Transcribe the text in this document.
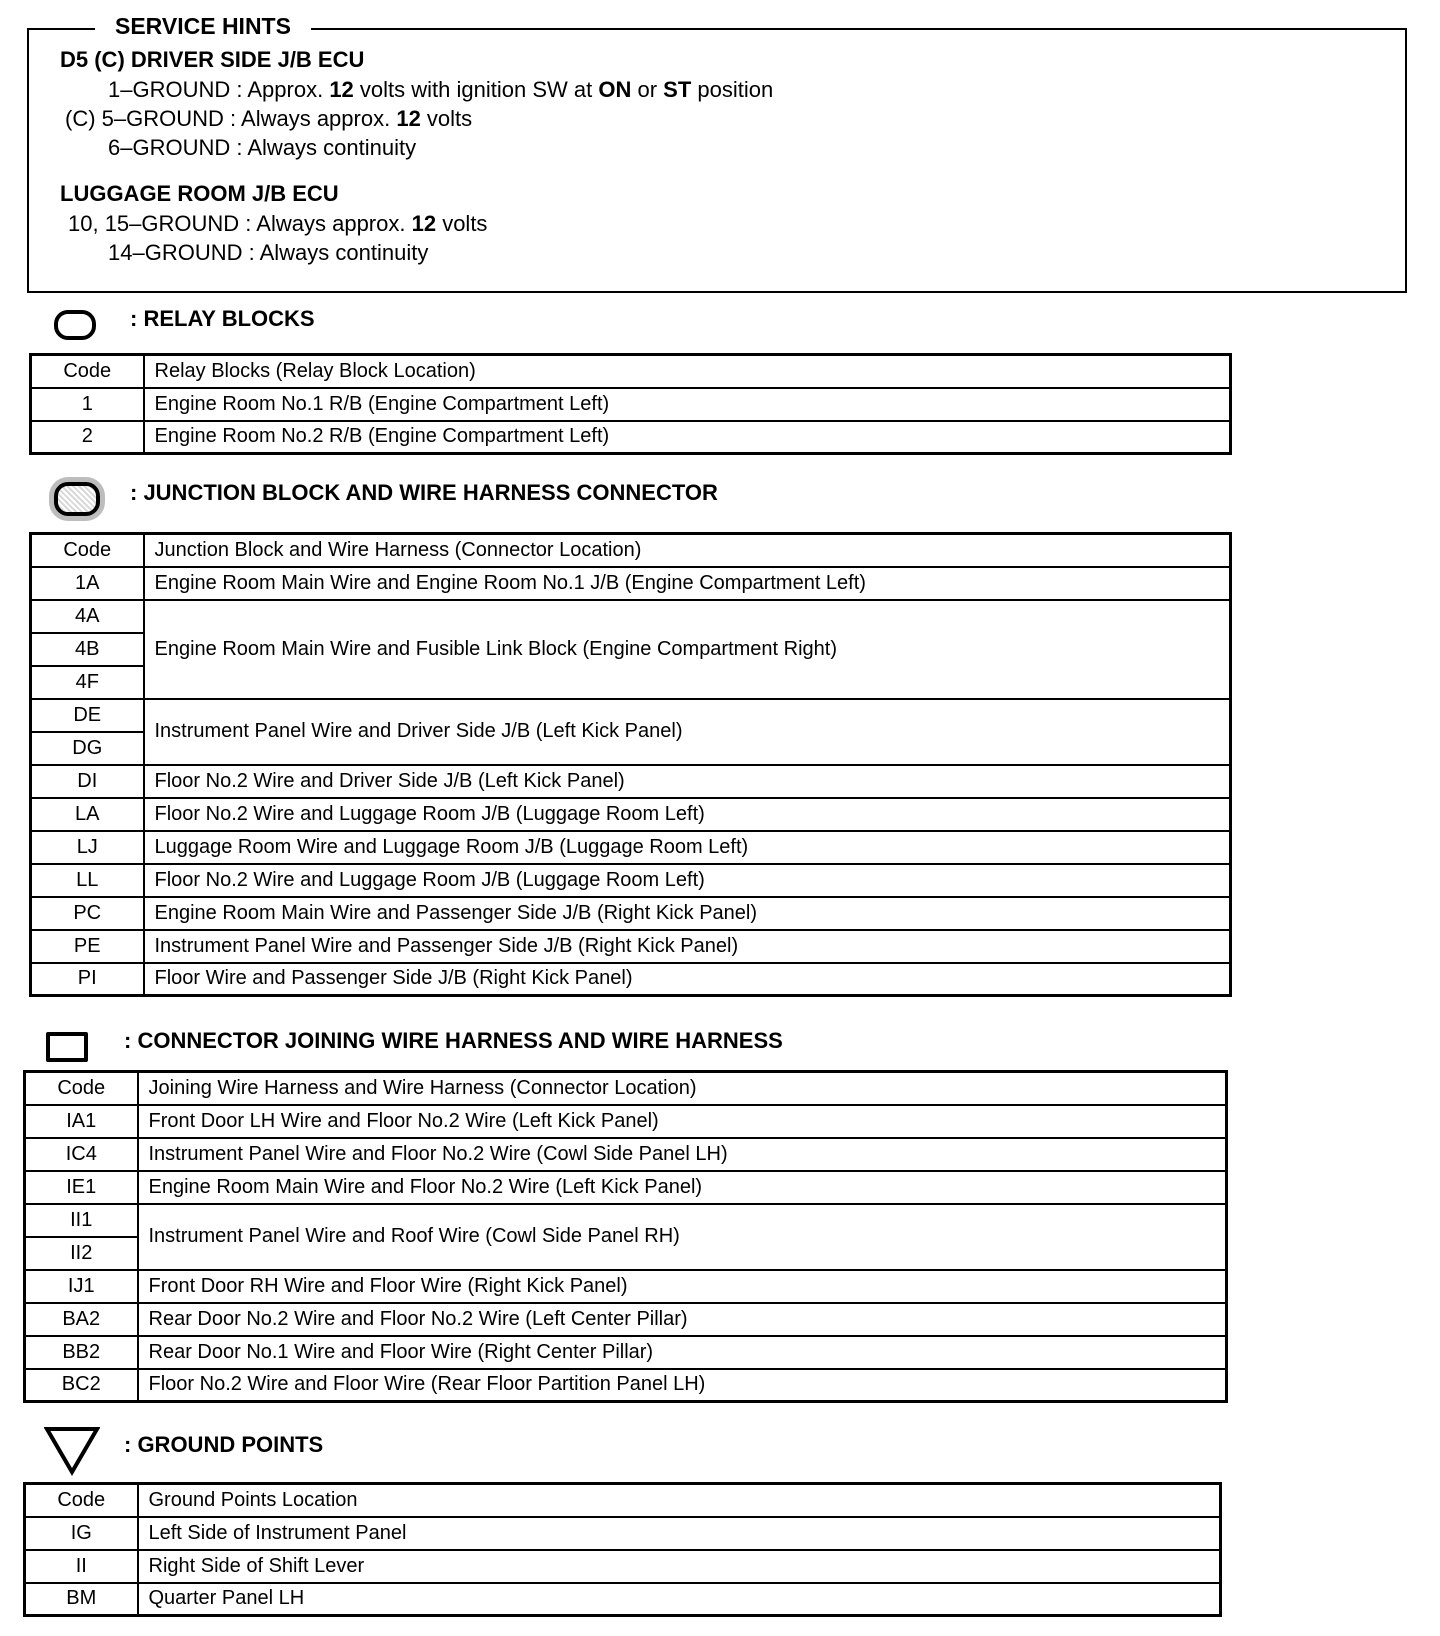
SERVICE HINTS
D5 (C) DRIVER SIDE J/B ECU
1–GROUND : Approx. 12 volts with ignition SW at ON or ST position
(C) 5–GROUND : Always approx. 12 volts
6–GROUND : Always continuity
LUGGAGE ROOM J/B ECU
10, 15–GROUND : Always approx. 12 volts
14–GROUND : Always continuity
: RELAY BLOCKS
Code	Relay Blocks (Relay Block Location)
1	Engine Room No.1 R/B (Engine Compartment Left)
2	Engine Room No.2 R/B (Engine Compartment Left)
: JUNCTION BLOCK AND WIRE HARNESS CONNECTOR
Code	Junction Block and Wire Harness (Connector Location)
1A	Engine Room Main Wire and Engine Room No.1 J/B (Engine Compartment Left)
4A	Engine Room Main Wire and Fusible Link Block (Engine Compartment Right)
4B	
4F	
DE	Instrument Panel Wire and Driver Side J/B (Left Kick Panel)
DG	
DI	Floor No.2 Wire and Driver Side J/B (Left Kick Panel)
LA	Floor No.2 Wire and Luggage Room J/B (Luggage Room Left)
LJ	Luggage Room Wire and Luggage Room J/B (Luggage Room Left)
LL	Floor No.2 Wire and Luggage Room J/B (Luggage Room Left)
PC	Engine Room Main Wire and Passenger Side J/B (Right Kick Panel)
PE	Instrument Panel Wire and Passenger Side J/B (Right Kick Panel)
PI	Floor Wire and Passenger Side J/B (Right Kick Panel)
: CONNECTOR JOINING WIRE HARNESS AND WIRE HARNESS
Code	Joining Wire Harness and Wire Harness (Connector Location)
IA1	Front Door LH Wire and Floor No.2 Wire (Left Kick Panel)
IC4	Instrument Panel Wire and Floor No.2 Wire (Cowl Side Panel LH)
IE1	Engine Room Main Wire and Floor No.2 Wire (Left Kick Panel)
II1	Instrument Panel Wire and Roof Wire (Cowl Side Panel RH)
II2	
IJ1	Front Door RH Wire and Floor Wire (Right Kick Panel)
BA2	Rear Door No.2 Wire and Floor No.2 Wire (Left Center Pillar)
BB2	Rear Door No.1 Wire and Floor Wire (Right Center Pillar)
BC2	Floor No.2 Wire and Floor Wire (Rear Floor Partition Panel LH)
: GROUND POINTS
Code	Ground Points Location
IG	Left Side of Instrument Panel
II	Right Side of Shift Lever
BM	Quarter Panel LH
